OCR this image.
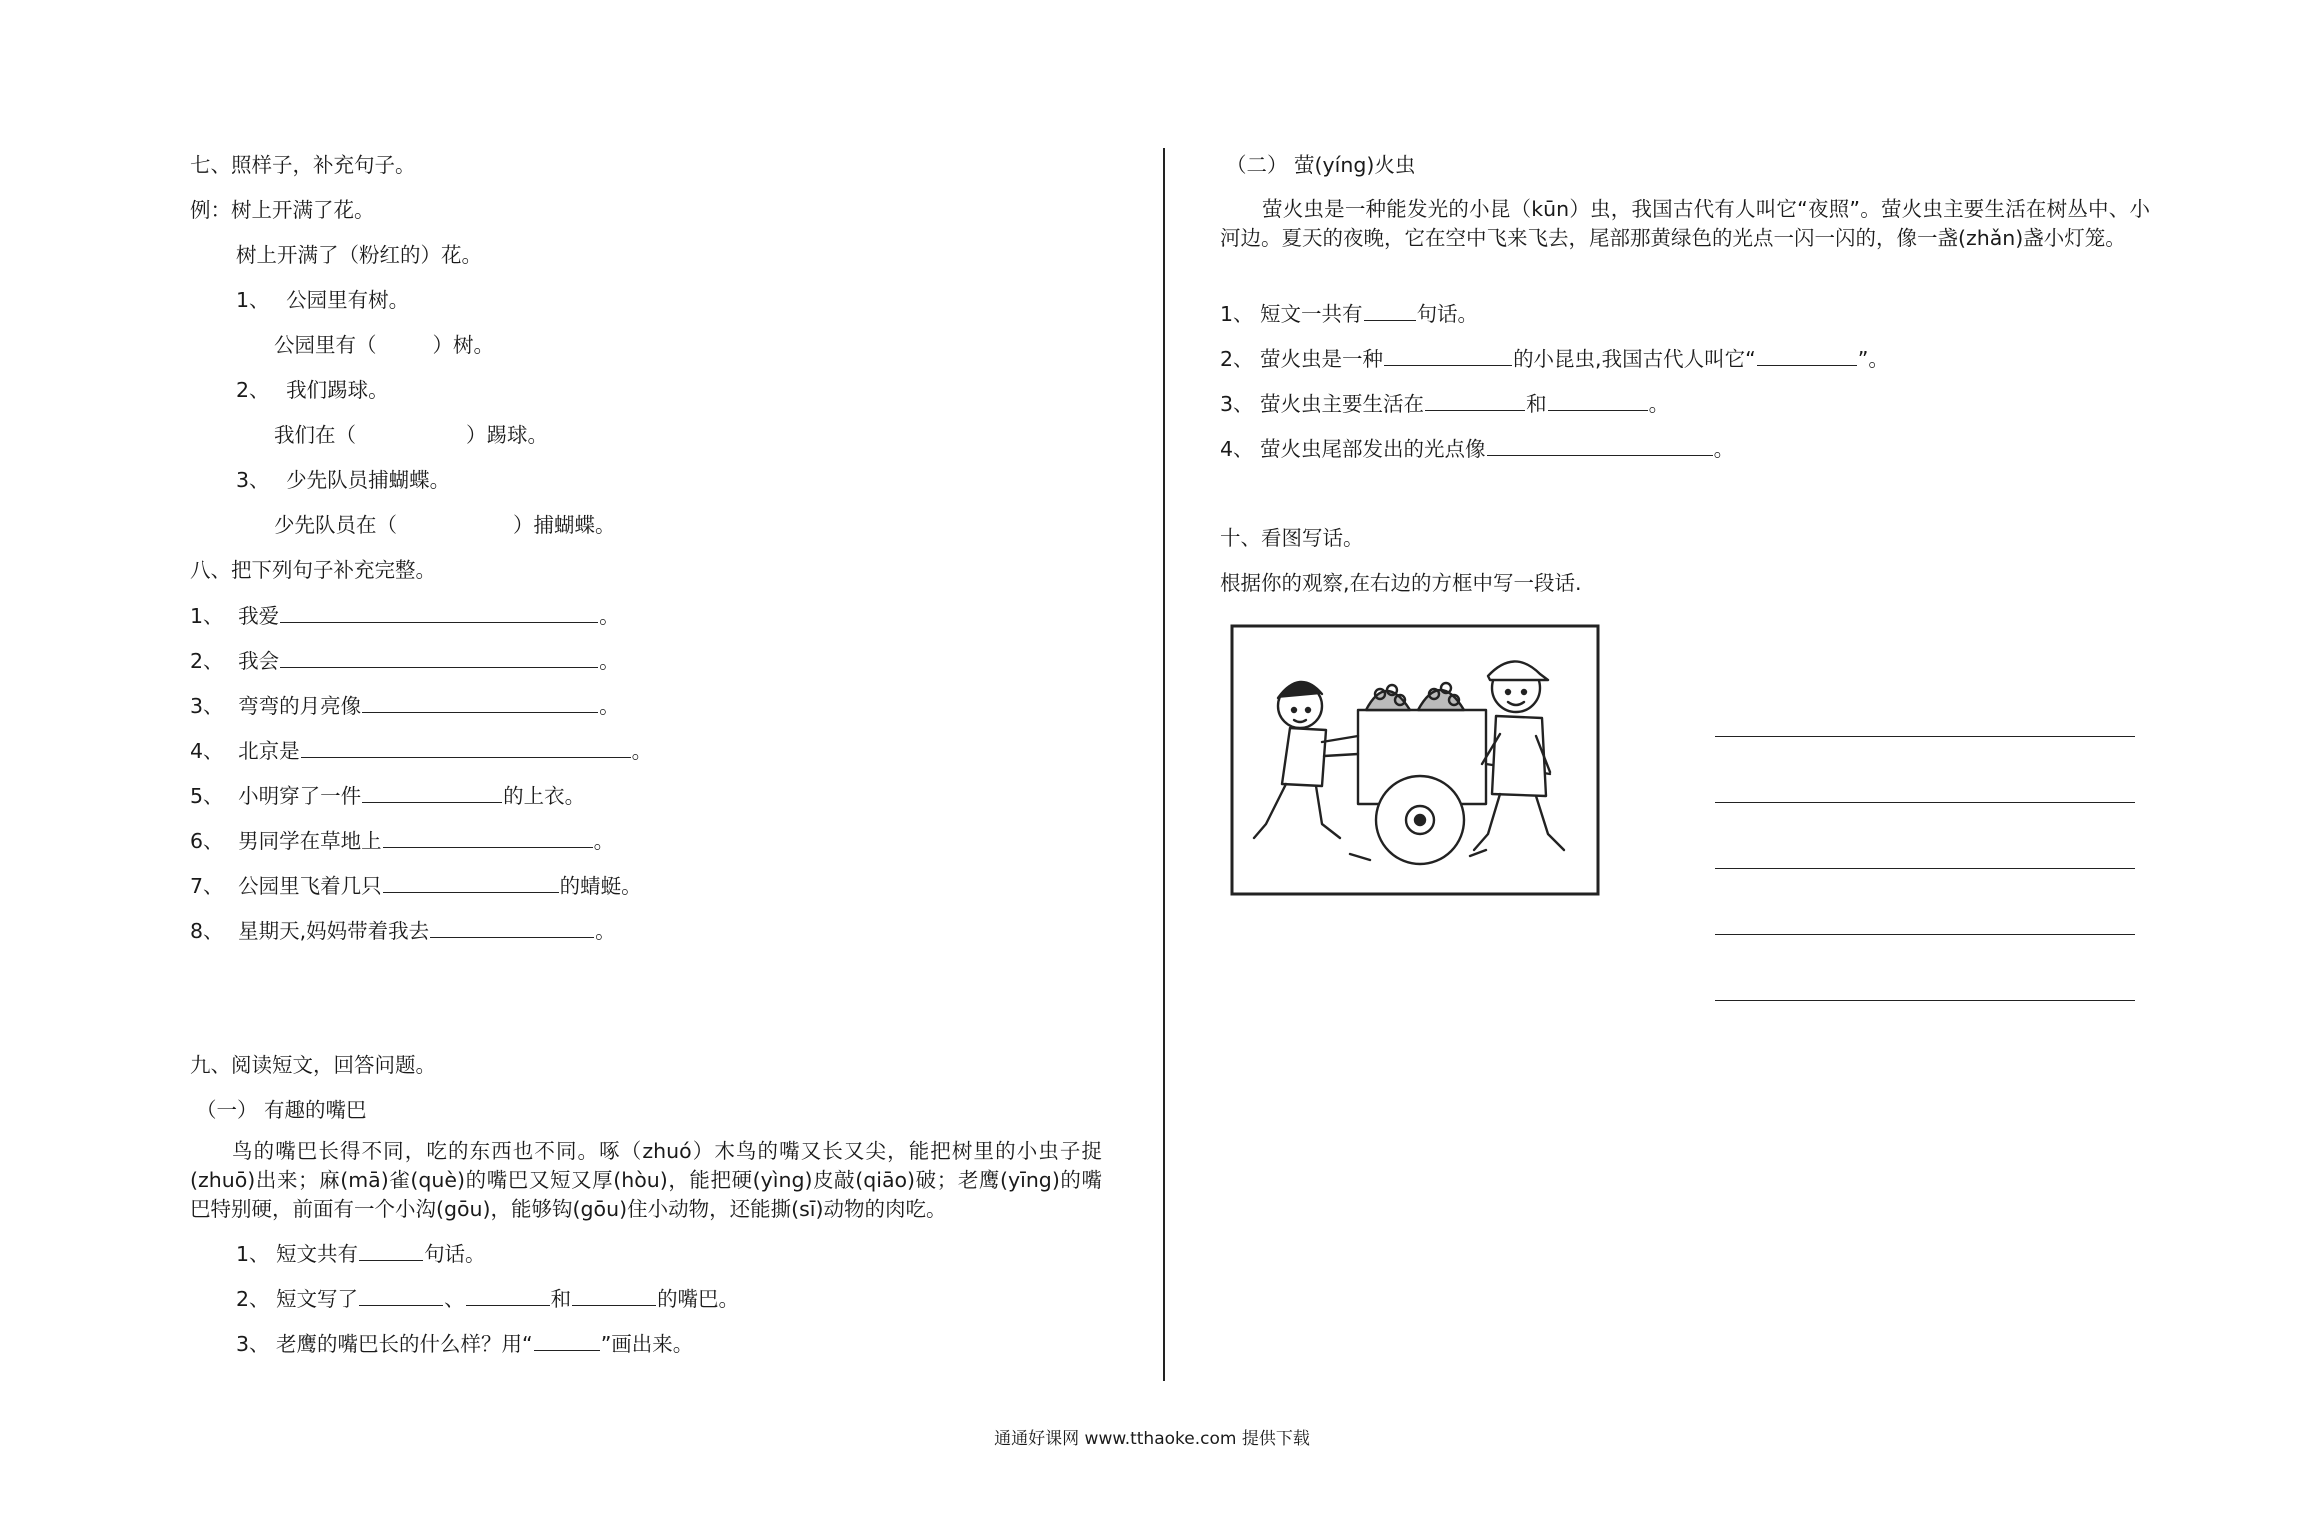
七、照样子，补充句子。
例：树上开满了花。
树上开满了（粉红的）花。
1、 公园里有树。
公园里有（	）树。
2、 我们踢球。
我们在（	）踢球。
3、 少先队员捕蝴蝶。
少先队员在（	）捕蝴蝶。
八、把下列句子补充完整。
1、 我爱	。
2、 我会	。
3、 弯弯的月亮像	。
4、 北京是	。
5、 小明穿了一件	的上衣。
6、 男同学在草地上	。
7、 公园里飞着几只	的蜻蜓。
8、 星期天,妈妈带着我去	。
九、阅读短文，回答问题。
（一） 有趣的嘴巴
鸟的嘴巴长得不同，吃的东西也不同。啄（zhuó）木鸟的嘴又长又尖，能把树里的小虫子捉(zhuō)出来；麻(mā)雀(què)的嘴巴又短又厚(hòu)，能把硬(yìng)皮敲(qiāo)破；老鹰(yīng)的嘴巴特别硬，前面有一个小沟(gōu)，能够钩(gōu)住小动物，还能撕(sī)动物的肉吃。
1、 短文共有	句话。
2、 短文写了	、	和	的嘴巴。
3、 老鹰的嘴巴长的什么样？用“	”画出来。
（二） 萤(yíng)火虫
萤火虫是一种能发光的小昆（kūn）虫，我国古代有人叫它“夜照”。萤火虫主要生活在树丛中、小河边。夏天的夜晚，它在空中飞来飞去，尾部那黄绿色的光点一闪一闪的，像一盏(zhǎn)盏小灯笼。
1、 短文一共有	句话。
2、 萤火虫是一种	的小昆虫,我国古代人叫它“	”。
3、 萤火虫主要生活在	和	。
4、 萤火虫尾部发出的光点像	。
十、看图写话。
根据你的观察,在右边的方框中写一段话.
通通好课网 www.tthaoke.com 提供下载
